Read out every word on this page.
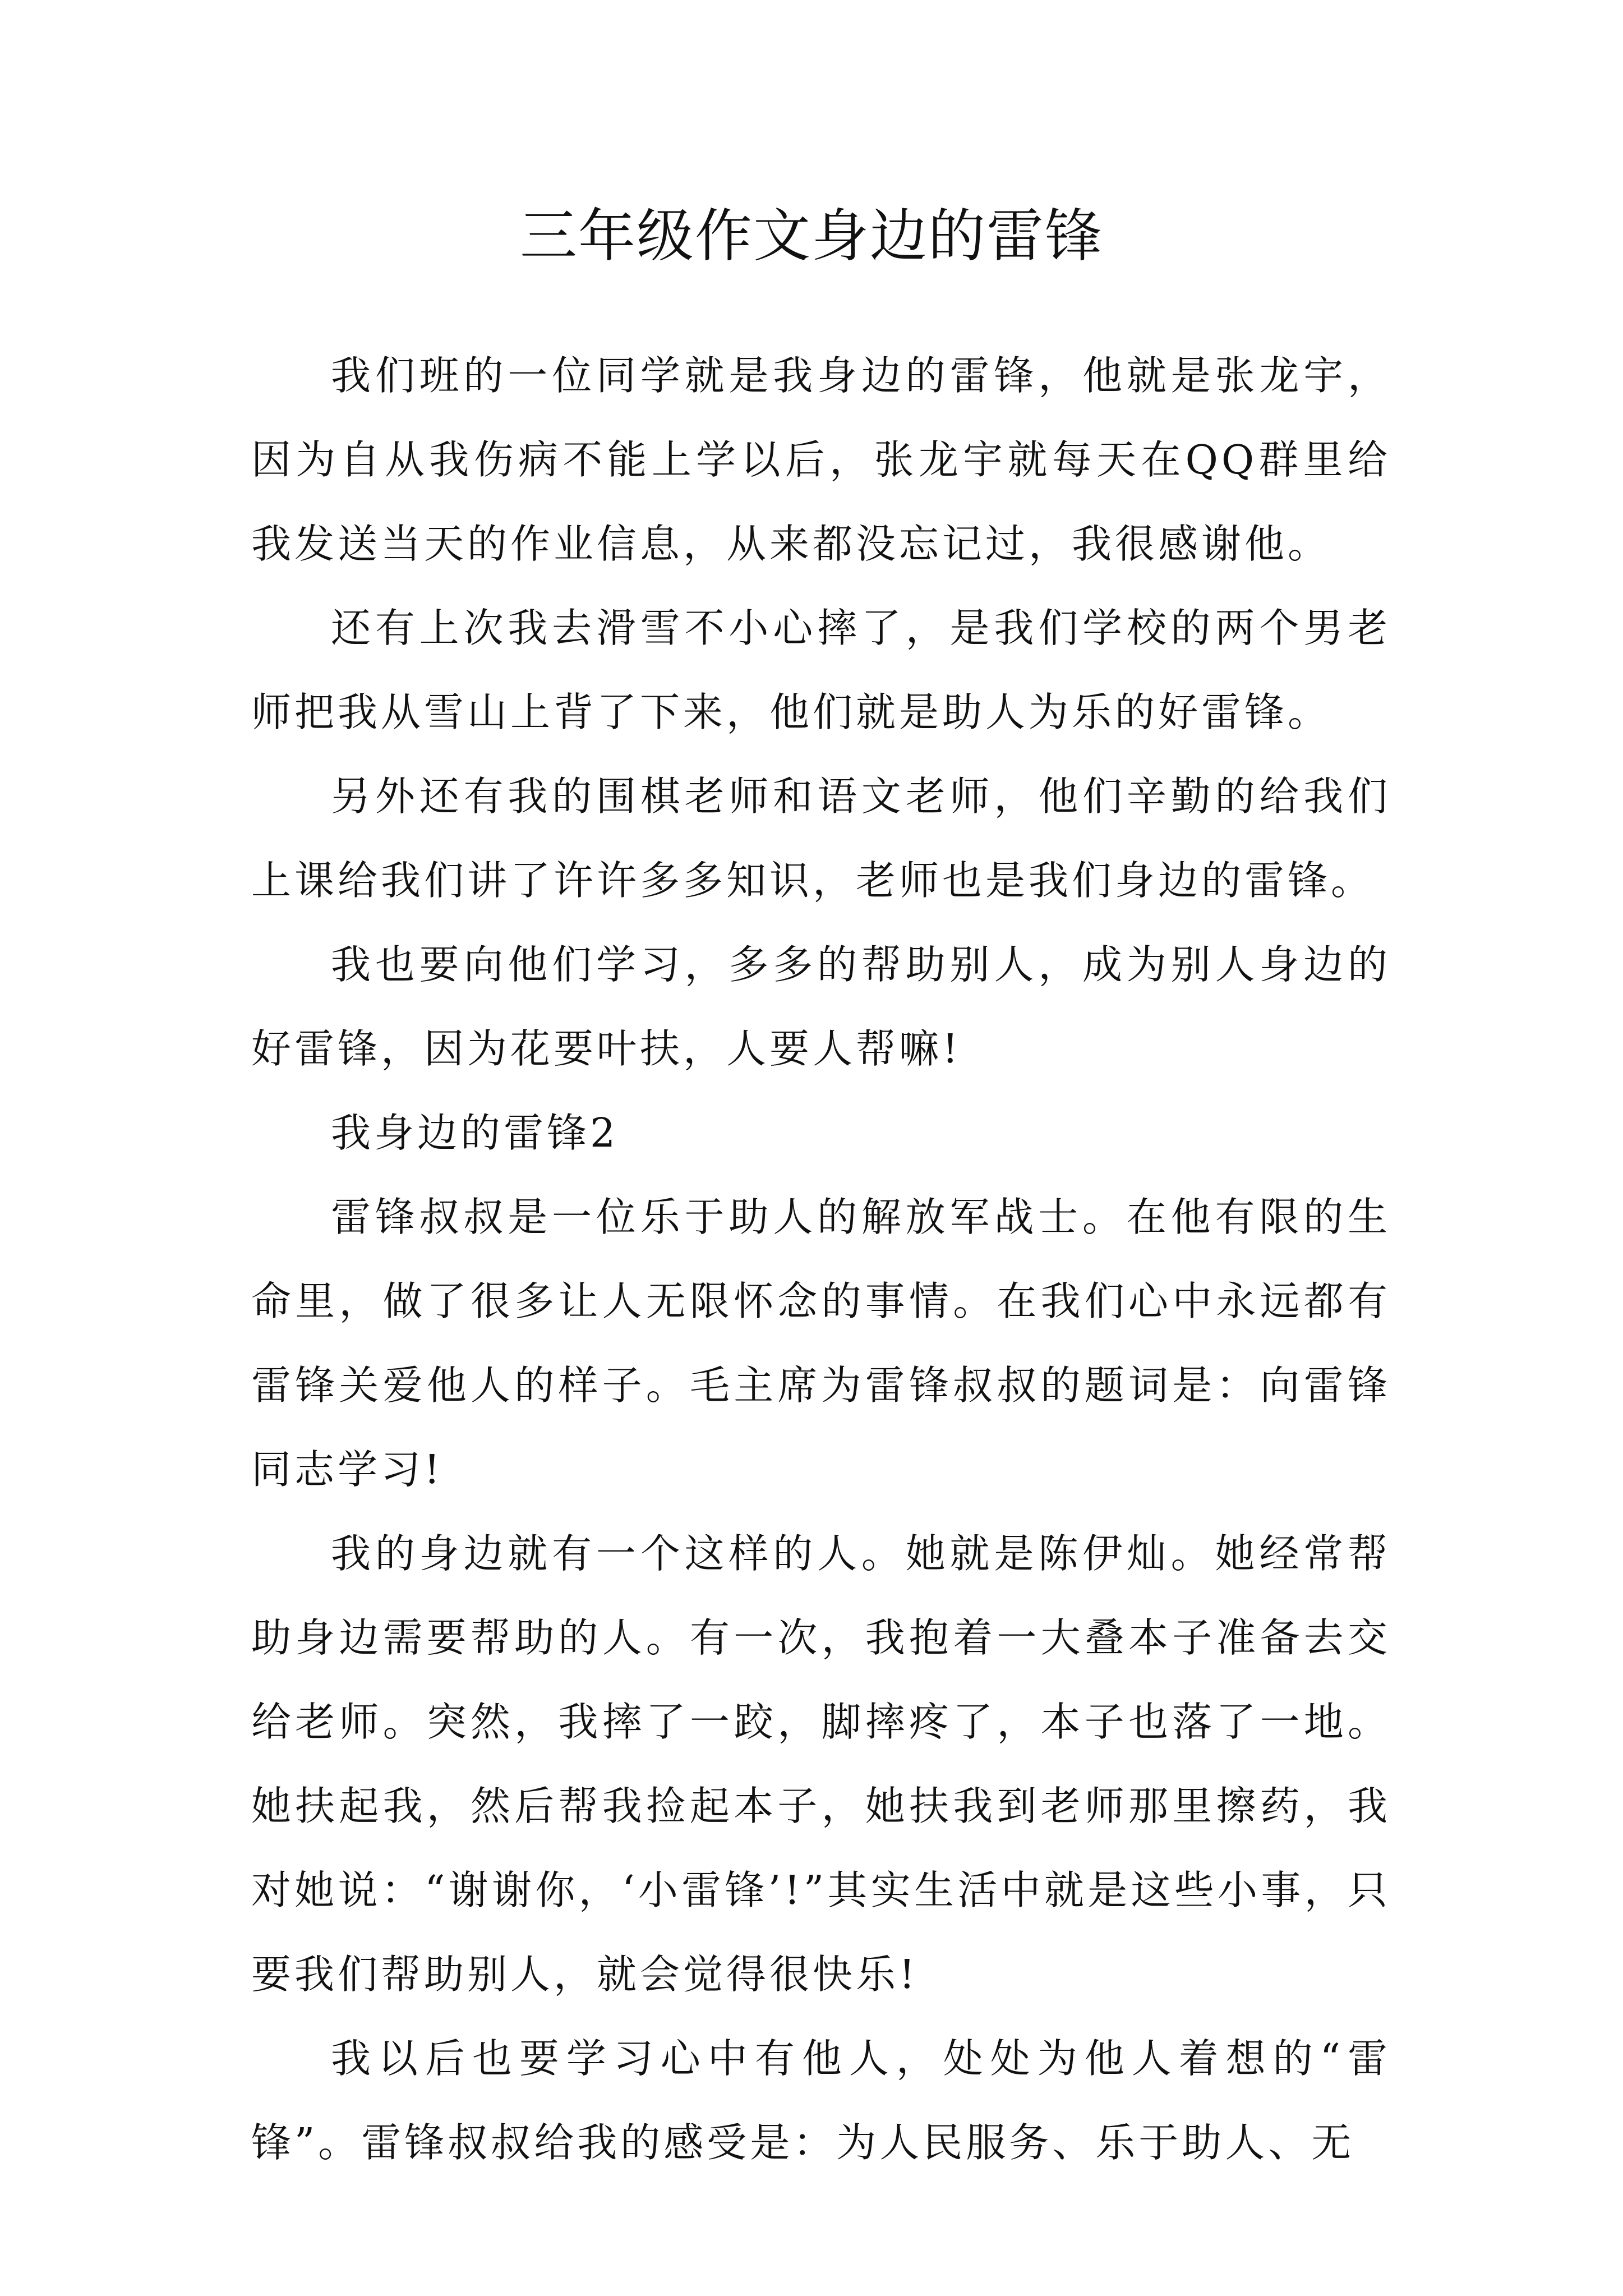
三年级作文身边的雷锋

我们班的一位同学就是我身边的雷锋，他就是张龙宇，因为自从我伤病不能上学以后，张龙宇就每天在QQ群里给我发送当天的作业信息，从来都没忘记过，我很感谢他。

还有上次我去滑雪不小心摔了，是我们学校的两个男老师把我从雪山上背了下来，他们就是助人为乐的好雷锋。

另外还有我的围棋老师和语文老师，他们辛勤的给我们上课给我们讲了许许多多知识，老师也是我们身边的雷锋。

我也要向他们学习，多多的帮助别人，成为别人身边的好雷锋，因为花要叶扶，人要人帮嘛!

我身边的雷锋2

雷锋叔叔是一位乐于助人的解放军战士。在他有限的生命里，做了很多让人无限怀念的事情。在我们心中永远都有雷锋关爱他人的样子。毛主席为雷锋叔叔的题词是：向雷锋同志学习!

我的身边就有一个这样的人。她就是陈伊灿。她经常帮助身边需要帮助的人。有一次，我抱着一大叠本子准备去交给老师。突然，我摔了一跤，脚摔疼了，本子也落了一地。她扶起我，然后帮我捡起本子，她扶我到老师那里擦药，我对她说：“谢谢你，‘小雷锋’!”其实生活中就是这些小事，只要我们帮助别人，就会觉得很快乐!

我以后也要学习心中有他人，处处为他人着想的“雷锋”。雷锋叔叔给我的感受是：为人民服务、乐于助人、无
